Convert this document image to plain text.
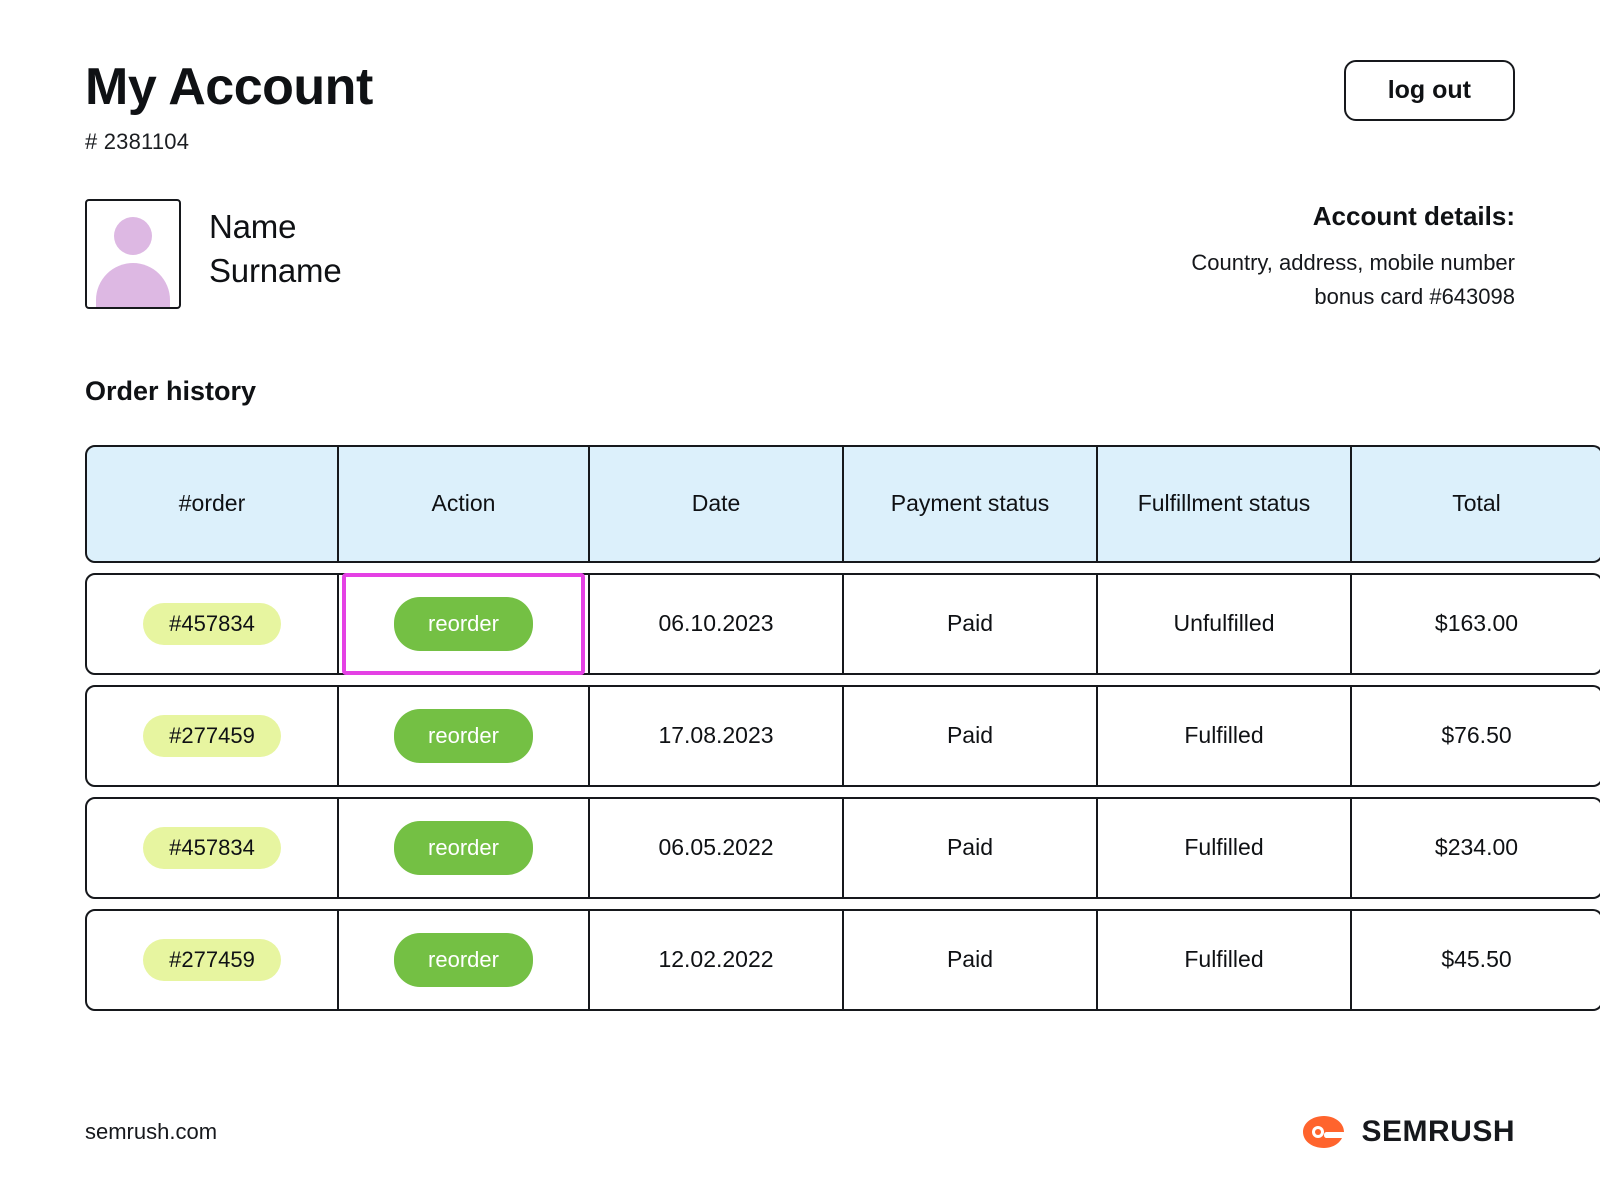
My Account
# 2381104
log out
Name
Surname
Account details:
Country, address, mobile number
bonus card #643098
Order history
#order	Action	Date	Payment status	Fulfillment status	Total
#457834	reorder	06.10.2023	Paid	Unfulfilled	$163.00
#277459	reorder	17.08.2023	Paid	Fulfilled	$76.50
#457834	reorder	06.05.2022	Paid	Fulfilled	$234.00
#277459	reorder	12.02.2022	Paid	Fulfilled	$45.50
semrush.com	SEMRUSH
